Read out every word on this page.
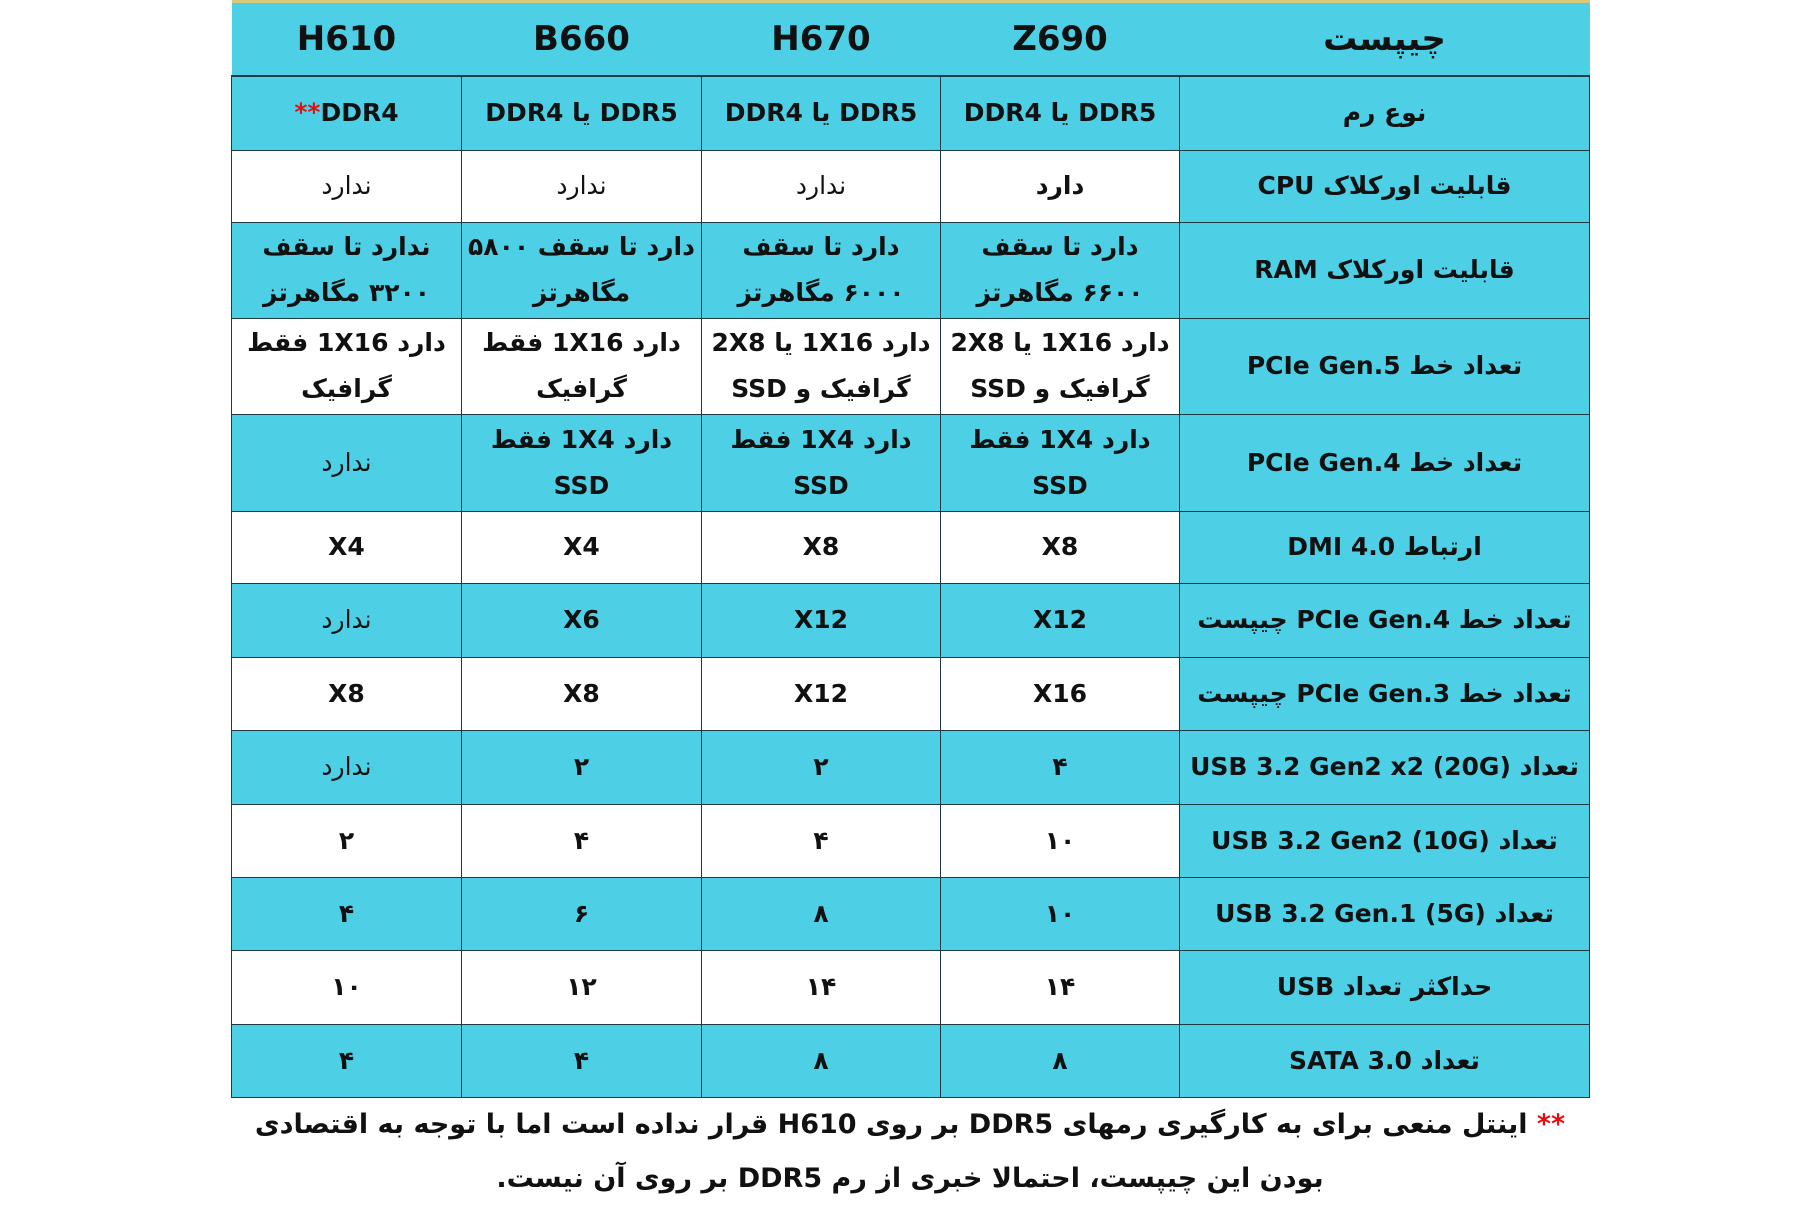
چیپست	Z690	H670	B660	H610
نوع رم	DDR5 یا DDR4	DDR5 یا DDR4	DDR5 یا DDR4	DDR4**
قابلیت اورکلاک CPU	دارد	ندارد	ندارد	ندارد
قابلیت اورکلاک RAM	دارد تا سقف ۶۶۰۰ مگاهرتز	دارد تا سقف ۶۰۰۰ مگاهرتز	دارد تا سقف ۵۸۰۰ مگاهرتز	ندارد تا سقف ۳۲۰۰ مگاهرتز
تعداد خط PCIe Gen.5	دارد 1X16 یا 2X8 گرافیک و SSD	دارد 1X16 یا 2X8 گرافیک و SSD	دارد 1X16 فقط گرافیک	دارد 1X16 فقط گرافیک
تعداد خط PCIe Gen.4	دارد 1X4 فقط SSD	دارد 1X4 فقط SSD	دارد 1X4 فقط SSD	ندارد
ارتباط DMI 4.0	X8	X8	X4	X4
تعداد خط PCIe Gen.4 چیپست	X12	X12	X6	ندارد
تعداد خط PCIe Gen.3 چیپست	X16	X12	X8	X8
تعداد USB 3.2 Gen2 x2 (20G)	۴	۲	۲	ندارد
تعداد USB 3.2 Gen2 (10G)	۱۰	۴	۴	۲
تعداد USB 3.2 Gen.1 (5G)	۱۰	۸	۶	۴
حداکثر تعداد USB	۱۴	۱۴	۱۲	۱۰
تعداد SATA 3.0	۸	۸	۴	۴
** اینتل منعی برای به کارگیری رمهای DDR5 بر روی H610 قرار نداده است اما با توجه به اقتصادی بودن این چیپست، احتمالا خبری از رم DDR5 بر روی آن نیست.
